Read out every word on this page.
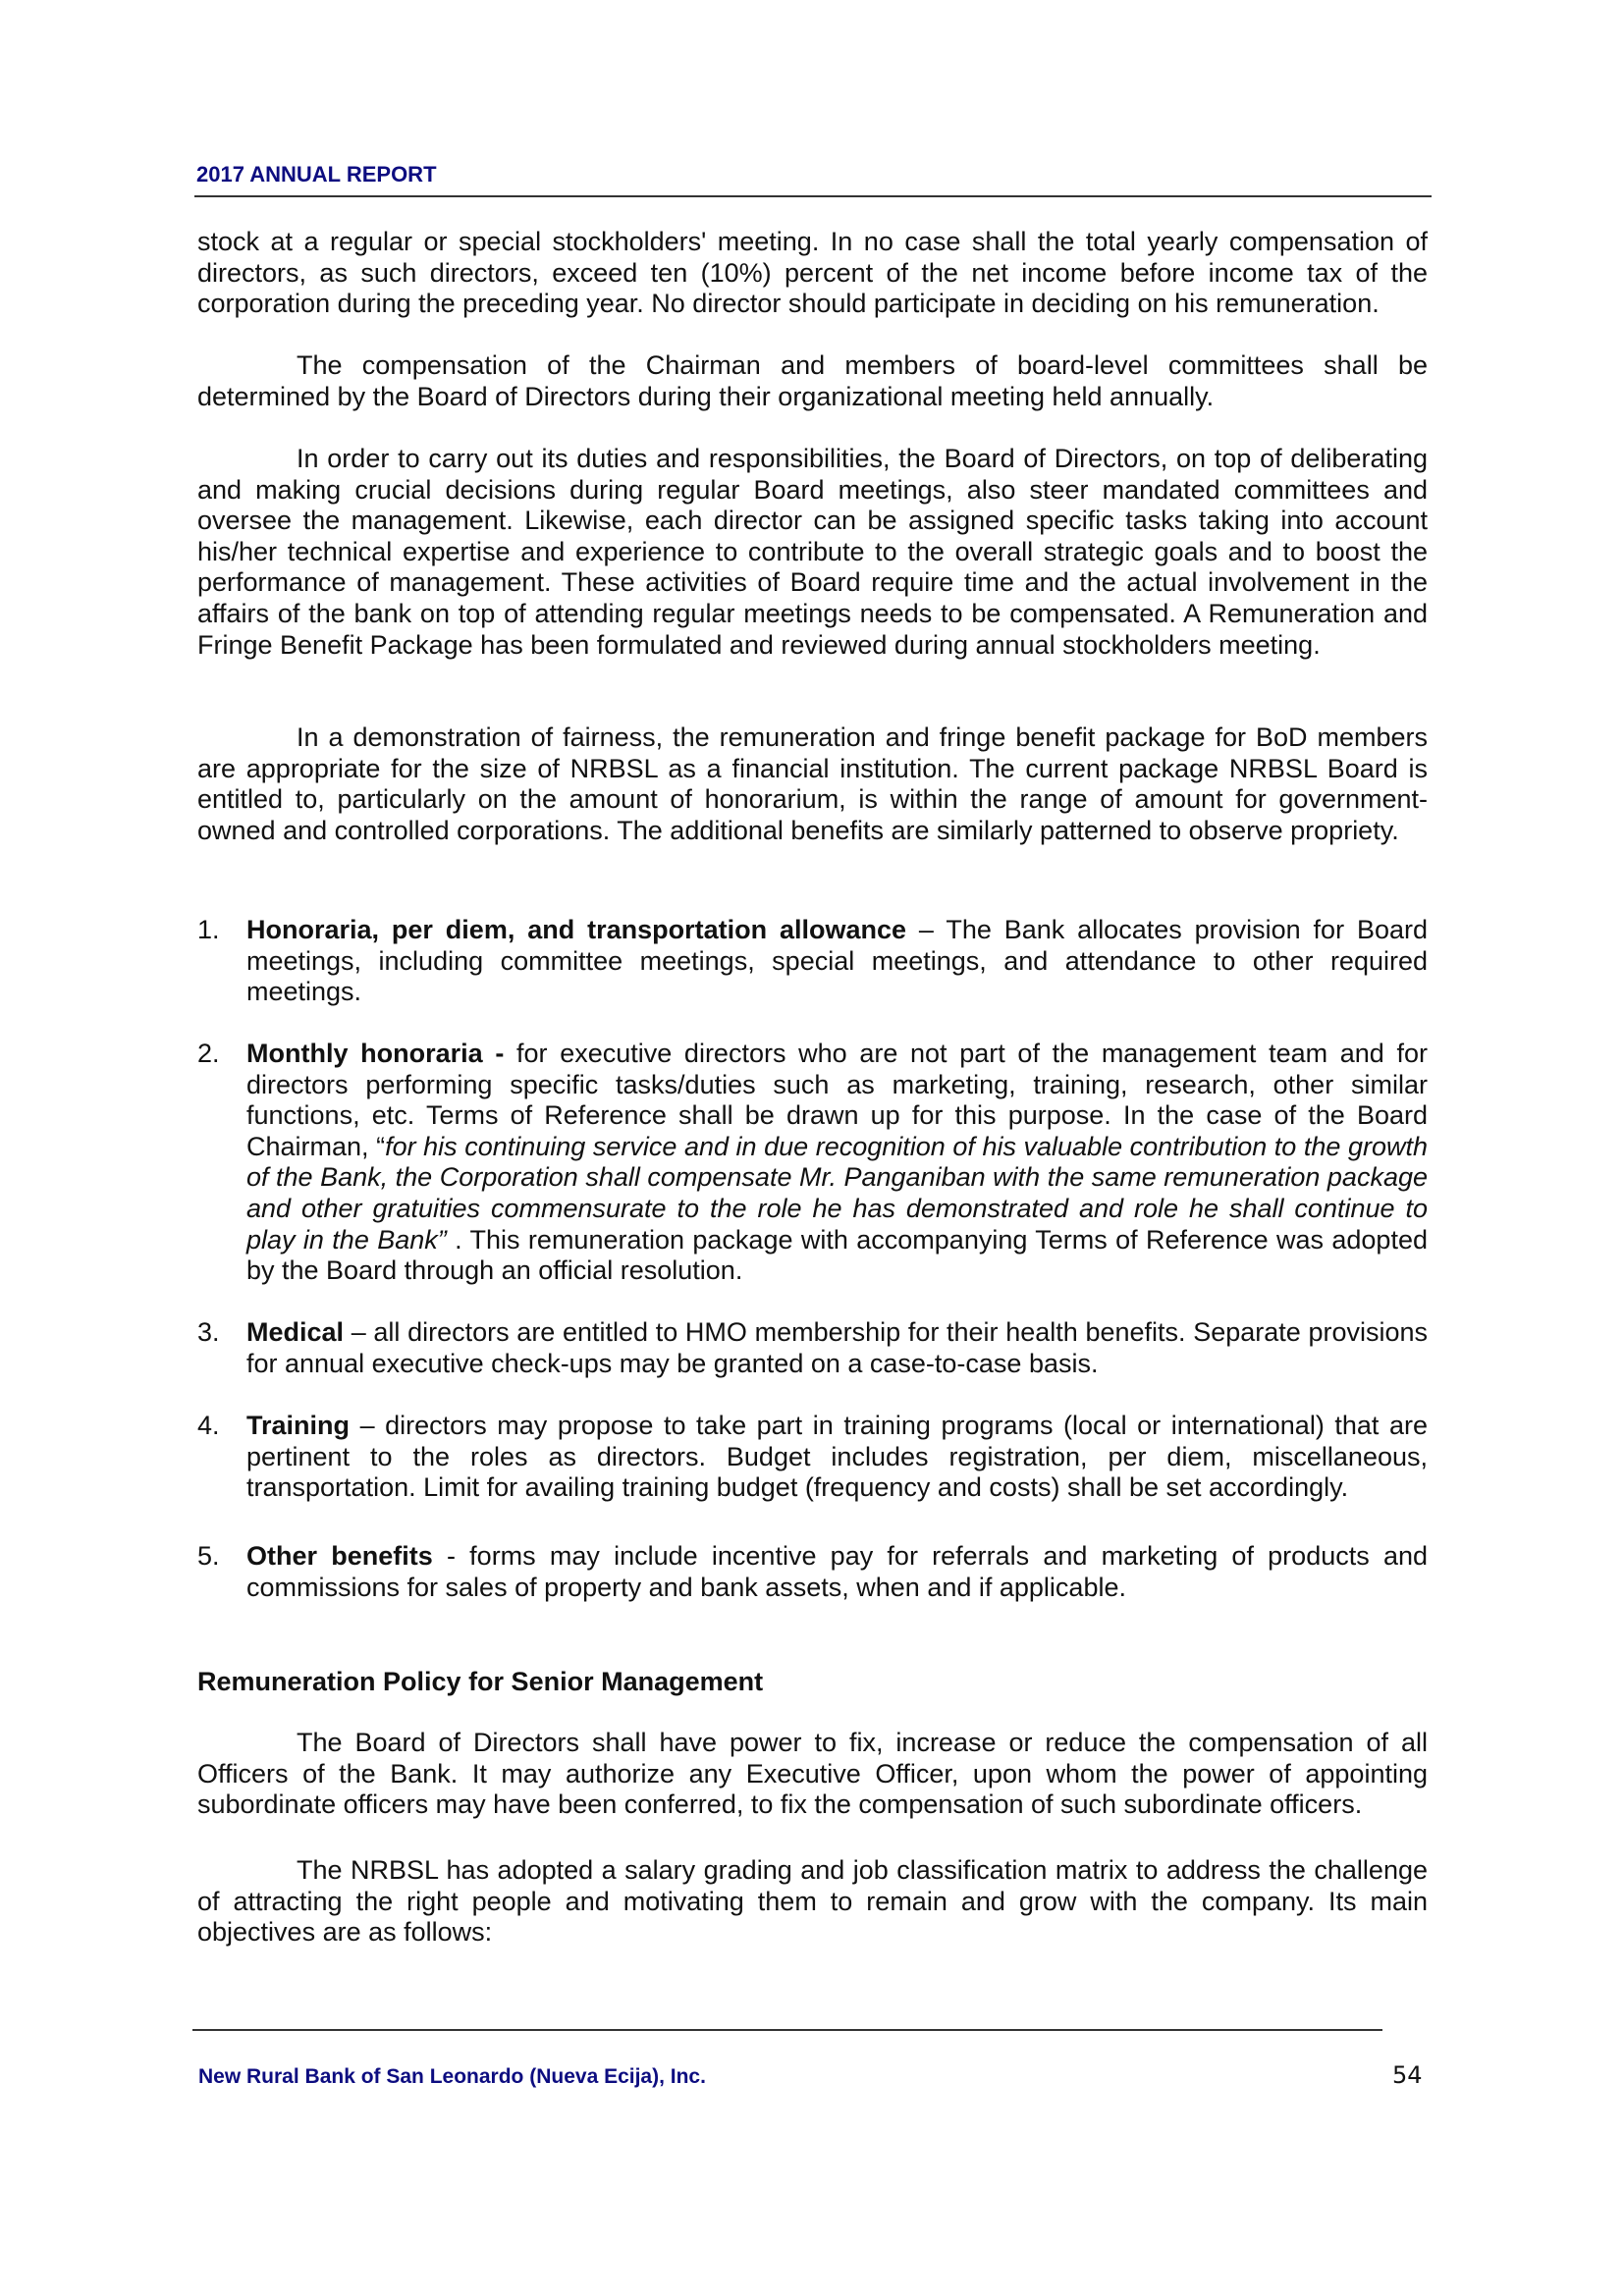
2017 ANNUAL REPORT

stock at a regular or special stockholders' meeting. In no case shall the total yearly compensation of directors, as such directors, exceed ten (10%) percent of the net income before income tax of the corporation during the preceding year. No director should participate in deciding on his remuneration.

The compensation of the Chairman and members of board-level committees shall be determined by the Board of Directors during their organizational meeting held annually.

In order to carry out its duties and responsibilities, the Board of Directors, on top of deliberating and making crucial decisions during regular Board meetings, also steer mandated committees and oversee the management. Likewise, each director can be assigned specific tasks taking into account his/her technical expertise and experience to contribute to the overall strategic goals and to boost the performance of management. These activities of Board require time and the actual involvement in the affairs of the bank on top of attending regular meetings needs to be compensated. A Remuneration and Fringe Benefit Package has been formulated and reviewed during annual stockholders meeting.

In a demonstration of fairness, the remuneration and fringe benefit package for BoD members are appropriate for the size of NRBSL as a financial institution. The current package NRBSL Board is entitled to, particularly on the amount of honorarium, is within the range of amount for government-owned and controlled corporations. The additional benefits are similarly patterned to observe propriety.

1.	Honoraria, per diem, and transportation allowance – The Bank allocates provision for Board meetings, including committee meetings, special meetings, and attendance to other required meetings.
2.	Monthly honoraria - for executive directors who are not part of the management team and for directors performing specific tasks/duties such as marketing, training, research, other similar functions, etc. Terms of Reference shall be drawn up for this purpose. In the case of the Board Chairman, “for his continuing service and in due recognition of his valuable contribution to the growth of the Bank, the Corporation shall compensate Mr. Panganiban with the same remuneration package and other gratuities commensurate to the role he has demonstrated and role he shall continue to play in the Bank” . This remuneration package with accompanying Terms of Reference was adopted by the Board through an official resolution.
3.	Medical – all directors are entitled to HMO membership for their health benefits. Separate provisions for annual executive check-ups may be granted on a case-to-case basis.
4.	Training – directors may propose to take part in training programs (local or international) that are pertinent to the roles as directors. Budget includes registration, per diem, miscellaneous, transportation. Limit for availing training budget (frequency and costs) shall be set accordingly.
5.	Other benefits - forms may include incentive pay for referrals and marketing of products and commissions for sales of property and bank assets, when and if applicable.
Remuneration Policy for Senior Management

The Board of Directors shall have power to fix, increase or reduce the compensation of all Officers of the Bank. It may authorize any Executive Officer, upon whom the power of appointing subordinate officers may have been conferred, to fix the compensation of such subordinate officers.

The NRBSL has adopted a salary grading and job classification matrix to address the challenge of attracting the right people and motivating them to remain and grow with the company. Its main objectives are as follows:

New Rural Bank of San Leonardo (Nueva Ecija), Inc.	54
